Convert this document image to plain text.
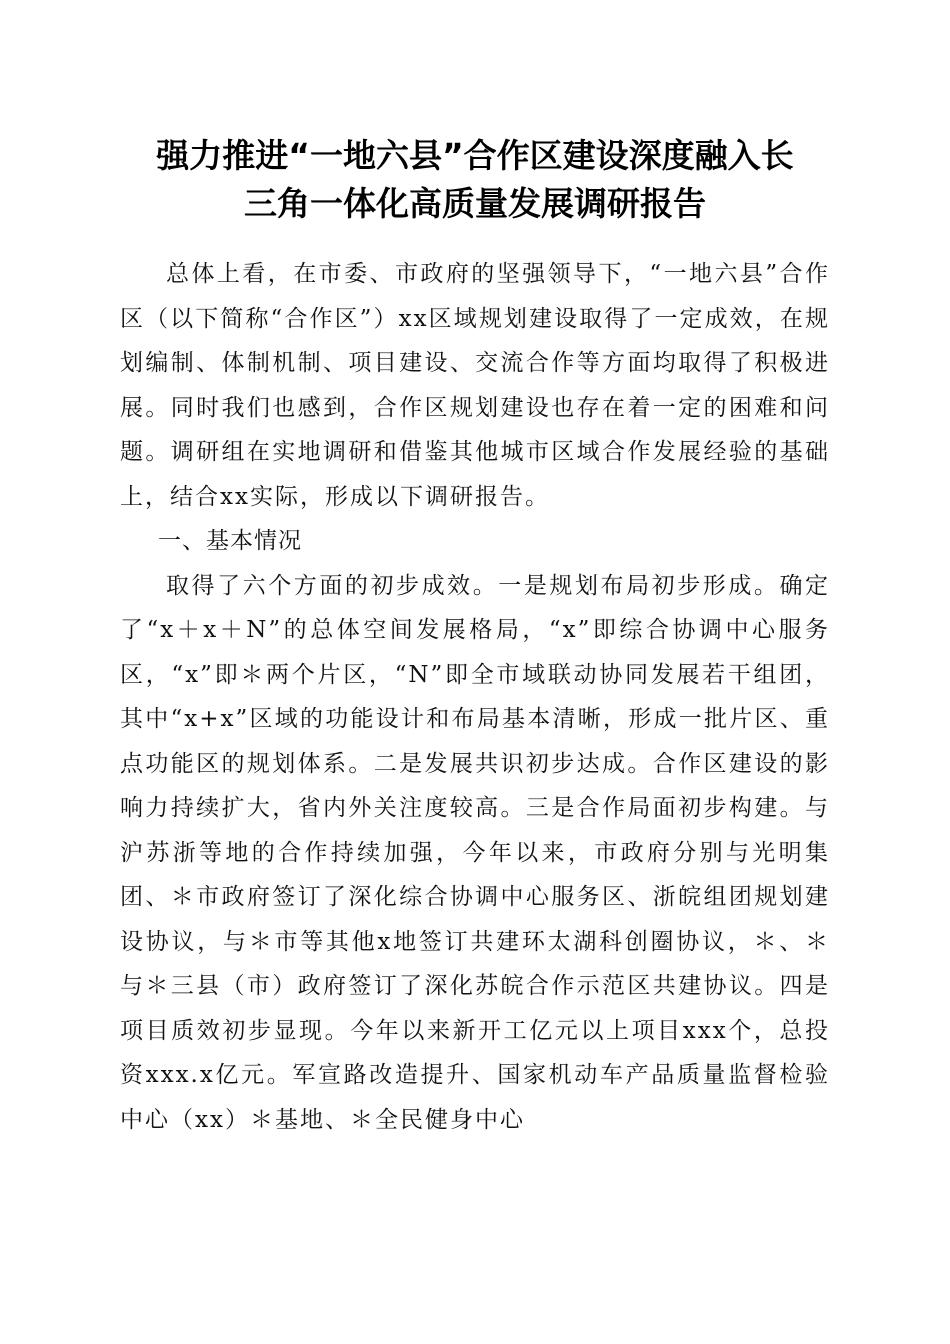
强力推进“一地六县”合作区建设深度融入长
三角一体化高质量发展调研报告

总体上看，在市委、市政府的坚强领导下，“一地六县”合作区（以下简称“合作区”）xx区域规划建设取得了一定成效，在规划编制、体制机制、项目建设、交流合作等方面均取得了积极进展。同时我们也感到，合作区规划建设也存在着一定的困难和问题。调研组在实地调研和借鉴其他城市区域合作发展经验的基础上，结合xx实际，形成以下调研报告。

一、基本情况

取得了六个方面的初步成效。一是规划布局初步形成。确定了“x＋x＋N”的总体空间发展格局，“x”即综合协调中心服务区，“x”即＊两个片区，“N”即全市域联动协同发展若干组团，其中“x+x”区域的功能设计和布局基本清晰，形成一批片区、重点功能区的规划体系。二是发展共识初步达成。合作区建设的影响力持续扩大，省内外关注度较高。三是合作局面初步构建。与沪苏浙等地的合作持续加强，今年以来，市政府分别与光明集团、＊市政府签订了深化综合协调中心服务区、浙皖组团规划建设协议，与＊市等其他x地签订共建环太湖科创圈协议，＊、＊与＊三县（市）政府签订了深化苏皖合作示范区共建协议。四是项目质效初步显现。今年以来新开工亿元以上项目xxx个，总投资xxx.x亿元。军宣路改造提升、国家机动车产品质量监督检验中心（xx）＊基地、＊全民健身中心
